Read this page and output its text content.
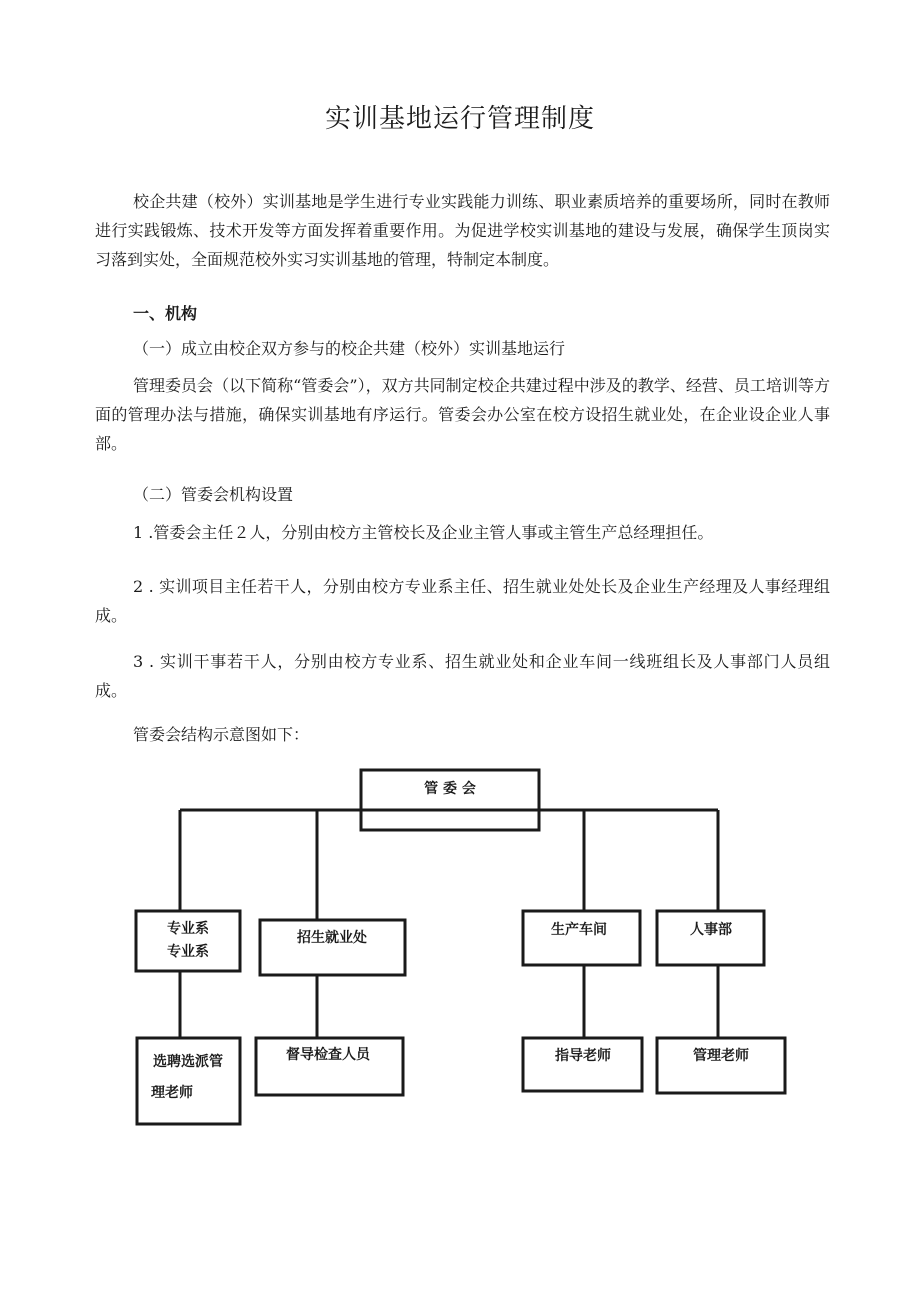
实训基地运行管理制度

校企共建（校外）实训基地是学生进行专业实践能力训练、职业素质培养的重要场所，同时在教师进行实践锻炼、技术开发等方面发挥着重要作用。为促进学校实训基地的建设与发展，确保学生顶岗实习落到实处，全面规范校外实习实训基地的管理，特制定本制度。

一、机构

（一）成立由校企双方参与的校企共建（校外）实训基地运行

管理委员会（以下简称“管委会”），双方共同制定校企共建过程中涉及的教学、经营、员工培训等方面的管理办法与措施，确保实训基地有序运行。管委会办公室在校方设招生就业处，在企业设企业人事部。

（二）管委会机构设置

1 .管委会主任２人，分别由校方主管校长及企业主管人事或主管生产总经理担任。

2 . 实训项目主任若干人，分别由校方专业系主任、招生就业处处长及企业生产经理及人事经理组成。

3 . 实训干事若干人，分别由校方专业系、招生就业处和企业车间一线班组长及人事部门人员组成。

管委会结构示意图如下：

管 委 会
专业系
专业系
招生就业处	生产车间	人事部
选聘选派管
理老师
督导检查人员	指导老师	管理老师
